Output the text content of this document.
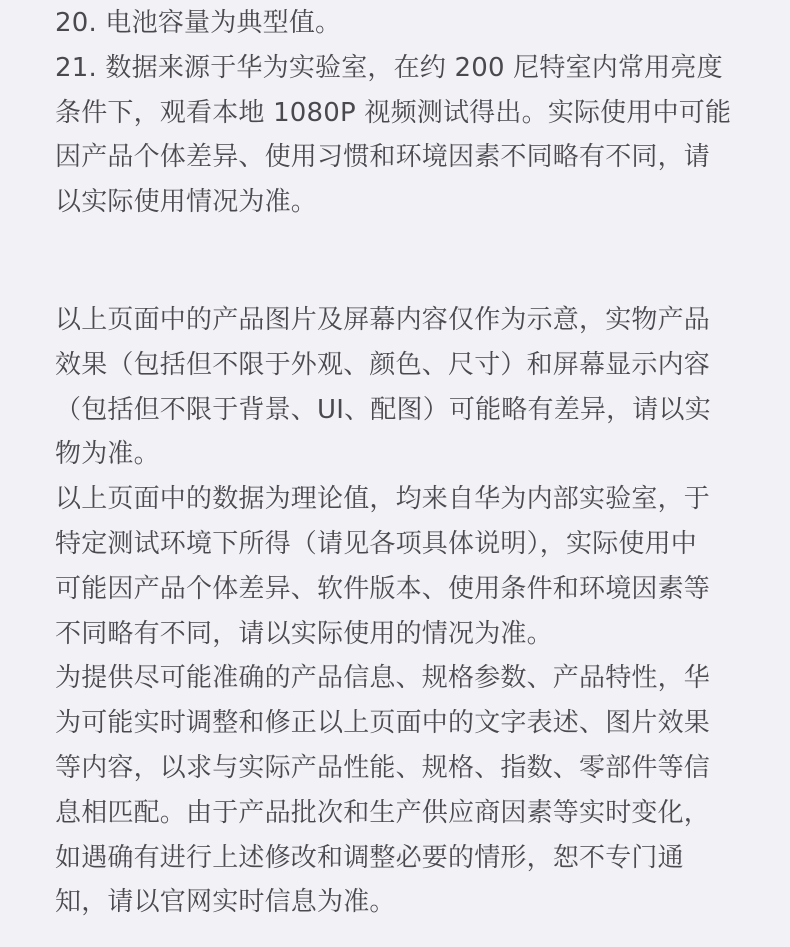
20. 电池容量为典型值。
21. 数据来源于华为实验室，在约 200 尼特室内常用亮度
条件下，观看本地 1080P 视频测试得出。实际使用中可能
因产品个体差异、使用习惯和环境因素不同略有不同，请
以实际使用情况为准。
以上页面中的产品图片及屏幕内容仅作为示意，实物产品
效果（包括但不限于外观、颜色、尺寸）和屏幕显示内容
（包括但不限于背景、UI、配图）可能略有差异，请以实
物为准。
以上页面中的数据为理论值，均来自华为内部实验室，于
特定测试环境下所得（请见各项具体说明），实际使用中
可能因产品个体差异、软件版本、使用条件和环境因素等
不同略有不同，请以实际使用的情况为准。
为提供尽可能准确的产品信息、规格参数、产品特性，华
为可能实时调整和修正以上页面中的文字表述、图片效果
等内容，以求与实际产品性能、规格、指数、零部件等信
息相匹配。由于产品批次和生产供应商因素等实时变化，
如遇确有进行上述修改和调整必要的情形，恕不专门通
知，请以官网实时信息为准。
